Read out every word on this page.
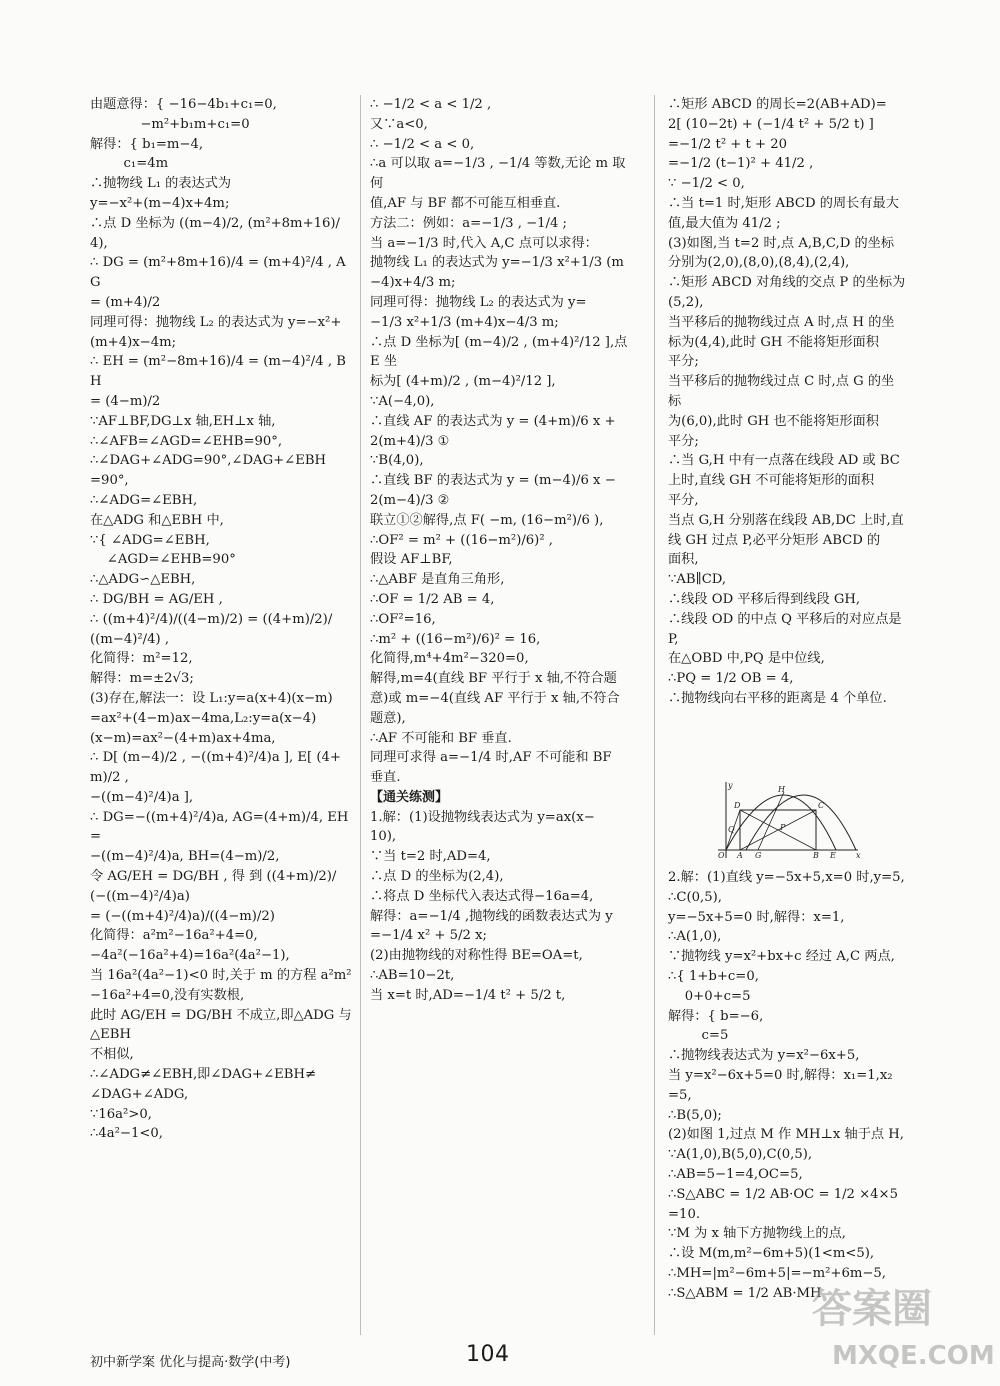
由题意得：{ −16−4b₁+c₁=0,
−m²+b₁m+c₁=0
解得：{ b₁=m−4,
c₁=4m
∴抛物线 L₁ 的表达式为
y=−x²+(m−4)x+4m;
∴点 D 坐标为 ((m−4)/2, (m²+8m+16)/4),
∴ DG = (m²+8m+16)/4 = (m+4)²/4 , AG
= (m+4)/2
同理可得：抛物线 L₂ 的表达式为 y=−x²+
(m+4)x−4m;
∴ EH = (m²−8m+16)/4 = (m−4)²/4 , BH
= (4−m)/2
∵AF⊥BF,DG⊥x 轴,EH⊥x 轴,
∴∠AFB=∠AGD=∠EHB=90°,
∴∠DAG+∠ADG=90°,∠DAG+∠EBH
=90°,
∴∠ADG=∠EBH,
在△ADG 和△EBH 中,
∵{ ∠ADG=∠EBH,
∠AGD=∠EHB=90°
∴△ADG∽△EBH,
∴ DG/BH = AG/EH ,
∴ ((m+4)²/4)/((4−m)/2) = ((4+m)/2)/((m−4)²/4) ,
化简得：m²=12,
解得：m=±2√3;
(3)存在,解法一：设 L₁:y=a(x+4)(x−m)
=ax²+(4−m)ax−4ma,L₂:y=a(x−4)
(x−m)=ax²−(4+m)ax+4ma,
∴ D[ (m−4)/2 , −((m+4)²/4)a ], E[ (4+m)/2 ,
−((m−4)²/4)a ],
∴ DG=−((m+4)²/4)a, AG=(4+m)/4, EH=
−((m−4)²/4)a, BH=(4−m)/2,
令 AG/EH = DG/BH , 得 到 ((4+m)/2)/(−((m−4)²/4)a)
= (−((m+4)²/4)a)/((4−m)/2)
化简得：a²m²−16a²+4=0,
−4a²(−16a²+4)=16a²(4a²−1),
当 16a²(4a²−1)<0 时,关于 m 的方程 a²m²
−16a²+4=0,没有实数根,
此时 AG/EH = DG/BH 不成立,即△ADG 与△EBH
不相似,
∴∠ADG≠∠EBH,即∠DAG+∠EBH≠
∠DAG+∠ADG,
∵16a²>0,
∴4a²−1<0,
∴ −1/2 < a < 1/2 ,
又∵a<0,
∴ −1/2 < a < 0,
∴a 可以取 a=−1/3 , −1/4 等数,无论 m 取何
值,AF 与 BF 都不可能互相垂直.
方法二：例如：a=−1/3 , −1/4 ;
当 a=−1/3 时,代入 A,C 点可以求得：
抛物线 L₁ 的表达式为 y=−1/3 x²+1/3 (m
−4)x+4/3 m;
同理可得：抛物线 L₂ 的表达式为 y=
−1/3 x²+1/3 (m+4)x−4/3 m;
∴点 D 坐标为[ (m−4)/2 , (m+4)²/12 ],点 E 坐
标为[ (4+m)/2 , (m−4)²/12 ],
∵A(−4,0),
∴直线 AF 的表达式为 y = (4+m)/6 x +
2(m+4)/3 ①
∵B(4,0),
∴直线 BF 的表达式为 y = (m−4)/6 x −
2(m−4)/3 ②
联立①②解得,点 F( −m, (16−m²)/6 ),
∴OF² = m² + ((16−m²)/6)² ,
假设 AF⊥BF,
∴△ABF 是直角三角形,
∴OF = 1/2 AB = 4,
∴OF²=16,
∴m² + ((16−m²)/6)² = 16,
化简得,m⁴+4m²−320=0,
解得,m=4(直线 BF 平行于 x 轴,不符合题
意)或 m=−4(直线 AF 平行于 x 轴,不符合
题意),
∴AF 不可能和 BF 垂直.
同理可求得 a=−1/4 时,AF 不可能和 BF
垂直.
【通关练测】
1.解：(1)设抛物线表达式为 y=ax(x−
10),
∵当 t=2 时,AD=4,
∴点 D 的坐标为(2,4),
∴将点 D 坐标代入表达式得−16a=4,
解得：a=−1/4 ,抛物线的函数表达式为 y
=−1/4 x² + 5/2 x;
(2)由抛物线的对称性得 BE=OA=t,
∴AB=10−2t,
当 x=t 时,AD=−1/4 t² + 5/2 t,
∴矩形 ABCD 的周长=2(AB+AD)=
2[ (10−2t) + (−1/4 t² + 5/2 t) ]
=−1/2 t² + t + 20
=−1/2 (t−1)² + 41/2 ,
∵ −1/2 < 0,
∴当 t=1 时,矩形 ABCD 的周长有最大
值,最大值为 41/2 ;
(3)如图,当 t=2 时,点 A,B,C,D 的坐标
分别为(2,0),(8,0),(8,4),(2,4),
∴矩形 ABCD 对角线的交点 P 的坐标为
(5,2),
当平移后的抛物线过点 A 时,点 H 的坐
标为(4,4),此时 GH 不能将矩形面积
平分;
当平移后的抛物线过点 C 时,点 G 的坐标
为(6,0),此时 GH 也不能将矩形面积
平分;
∴当 G,H 中有一点落在线段 AD 或 BC
上时,直线 GH 不可能将矩形的面积
平分,
当点 G,H 分别落在线段 AB,DC 上时,直
线 GH 过点 P,必平分矩形 ABCD 的
面积,
∵AB∥CD,
∴线段 OD 平移后得到线段 GH,
∴线段 OD 的中点 Q 平移后的对应点是
P,
在△OBD 中,PQ 是中位线,
∴PQ = 1/2 OB = 4,
∴抛物线向右平移的距离是 4 个单位.
y
x
O A G	B E
D
H
C
P
Q
2.解：(1)直线 y=−5x+5,x=0 时,y=5,
∴C(0,5),
y=−5x+5=0 时,解得：x=1,
∴A(1,0),
∵抛物线 y=x²+bx+c 经过 A,C 两点,
∴{ 1+b+c=0,
0+0+c=5
解得：{ b=−6,
c=5
∴抛物线表达式为 y=x²−6x+5,
当 y=x²−6x+5=0 时,解得：x₁=1,x₂
=5,
∴B(5,0);
(2)如图 1,过点 M 作 MH⊥x 轴于点 H,
∵A(1,0),B(5,0),C(0,5),
∴AB=5−1=4,OC=5,
∴S△ABC = 1/2 AB·OC = 1/2 ×4×5=10.
∵M 为 x 轴下方抛物线上的点,
∴设 M(m,m²−6m+5)(1<m<5),
∴MH=|m²−6m+5|=−m²+6m−5,
∴S△ABM = 1/2 AB·MH
初中新学案 优化与提高·数学(中考)	104
答案圈
MXQE.COM
